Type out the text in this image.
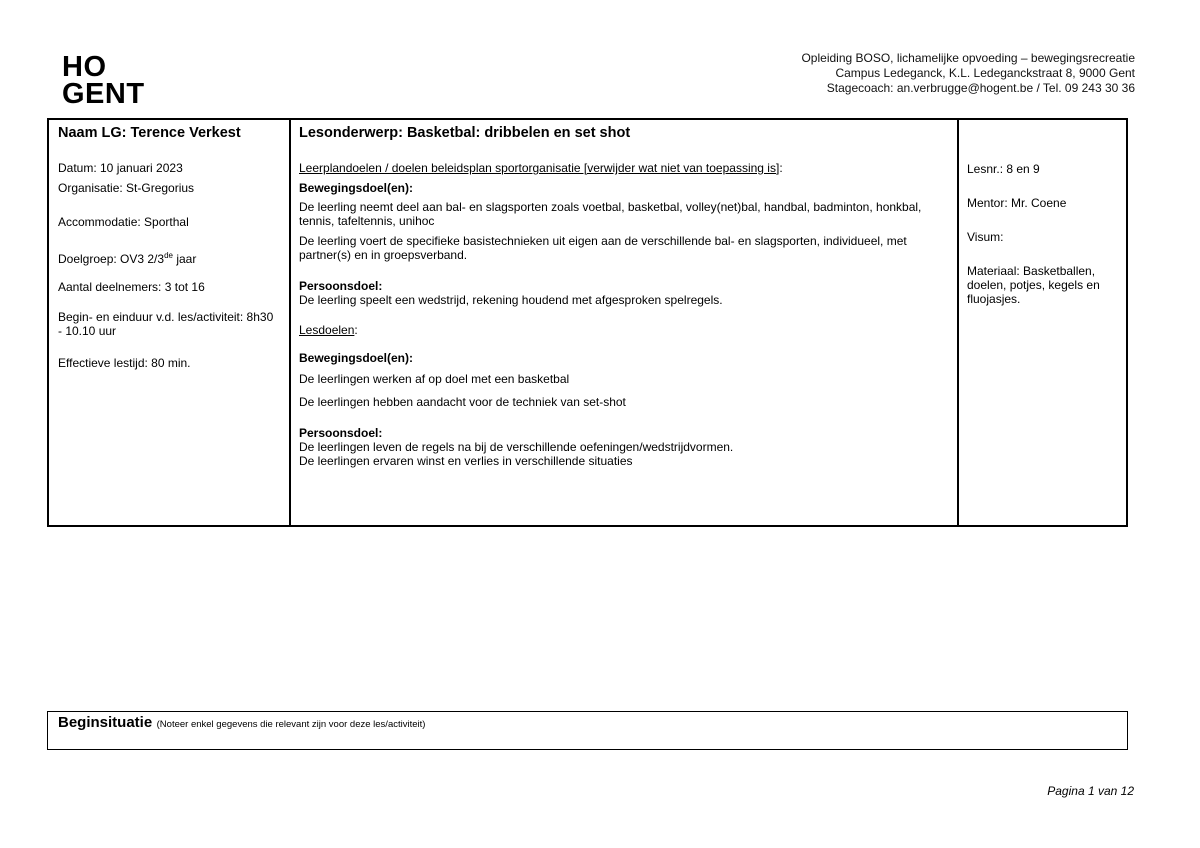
HO
GENT
Opleiding BOSO, lichamelijke opvoeding – bewegingsrecreatie
Campus Ledeganck, K.L. Ledeganckstraat 8, 9000 Gent
Stagecoach: an.verbrugge@hogent.be / Tel. 09 243 30 36
Naam LG: Terence Verkest
Datum: 10 januari 2023
Organisatie: St-Gregorius
Accommodatie: Sporthal
Doelgroep: OV3 2/3de jaar
Aantal deelnemers: 3 tot 16
Begin- en einduur v.d. les/activiteit: 8h30 - 10.10 uur
Effectieve lestijd: 80 min.
Lesonderwerp: Basketbal: dribbelen en set shot
Leerplandoelen / doelen beleidsplan sportorganisatie [verwijder wat niet van toepassing is]:
Bewegingsdoel(en):
De leerling neemt deel aan bal- en slagsporten zoals voetbal, basketbal, volley(net)bal, handbal, badminton, honkbal, tennis, tafeltennis, unihoc
De leerling voert de specifieke basistechnieken uit eigen aan de verschillende bal- en slagsporten, individueel, met partner(s) en in groepsverband.
Persoonsdoel:
De leerling speelt een wedstrijd, rekening houdend met afgesproken spelregels.
Lesdoelen:
Bewegingsdoel(en):
De leerlingen werken af op doel met een basketbal
De leerlingen hebben aandacht voor de techniek van set-shot
Persoonsdoel:
De leerlingen leven de regels na bij de verschillende oefeningen/wedstrijdvormen.
De leerlingen ervaren winst en verlies in verschillende situaties
Lesnr.: 8 en 9
Mentor: Mr. Coene
Visum:
Materiaal: Basketballen, doelen, potjes, kegels en fluojasjes.
Beginsituatie (Noteer enkel gegevens die relevant zijn voor deze les/activiteit)
Pagina 1 van 12
